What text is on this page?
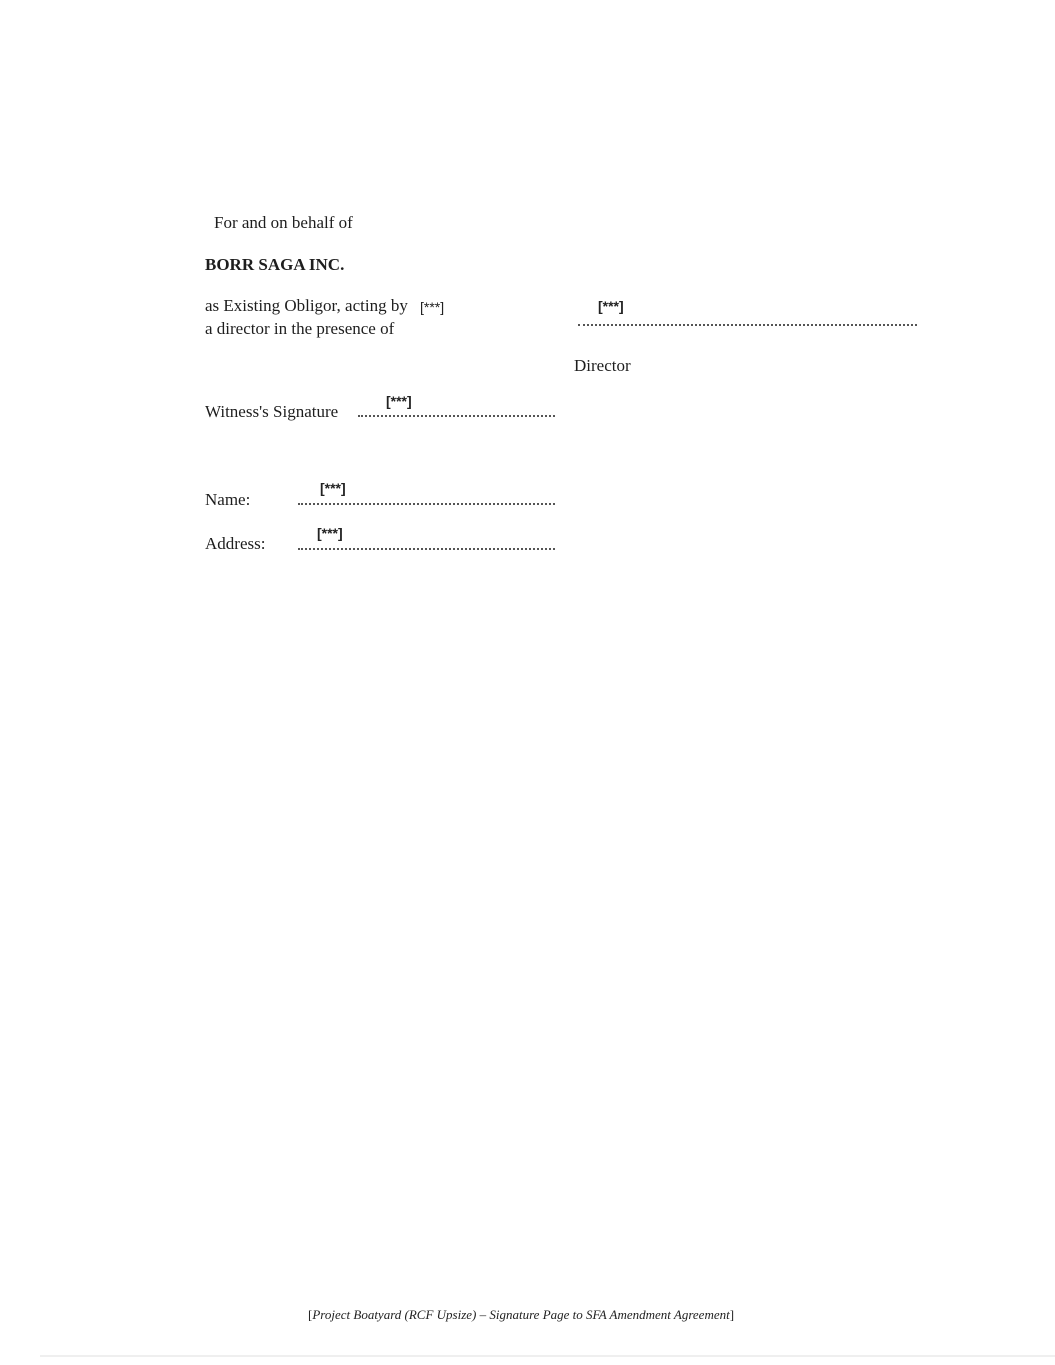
For and on behalf of
BORR SAGA INC.
as Existing Obligor, acting by [***]
a director in the presence of
[***]
Director
Witness's Signature
[***]
Name:
[***]
Address:
[***]
[Project Boatyard (RCF Upsize) – Signature Page to SFA Amendment Agreement]
